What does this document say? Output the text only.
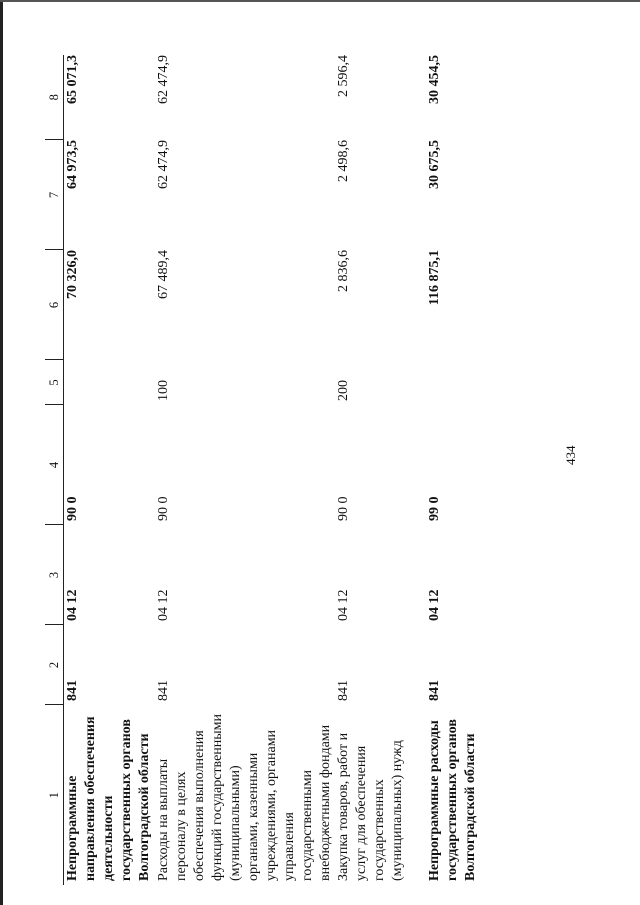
434
1	2	3	4	5	6	7	8
Непрограммные направления обеспечения деятельности государственных органов Волгоградской области	841	04 12	90 0		70 326,0	64 973,5	65 071,3
Расходы на выплаты персоналу в целях обеспечения выполнения функций государственными (муниципальными) органами, казенными учреждениями, органами управления государственными внебюджетными фондами	841	04 12	90 0	100	67 489,4	62 474,9	62 474,9
Закупка товаров, работ и услуг для обеспечения государственных (муниципальных) нужд	841	04 12	90 0	200	2 836,6	2 498,6	2 596,4
Непрограммные расходы государственных органов Волгоградской области	841	04 12	99 0		116 875,1	30 675,5	30 454,5
